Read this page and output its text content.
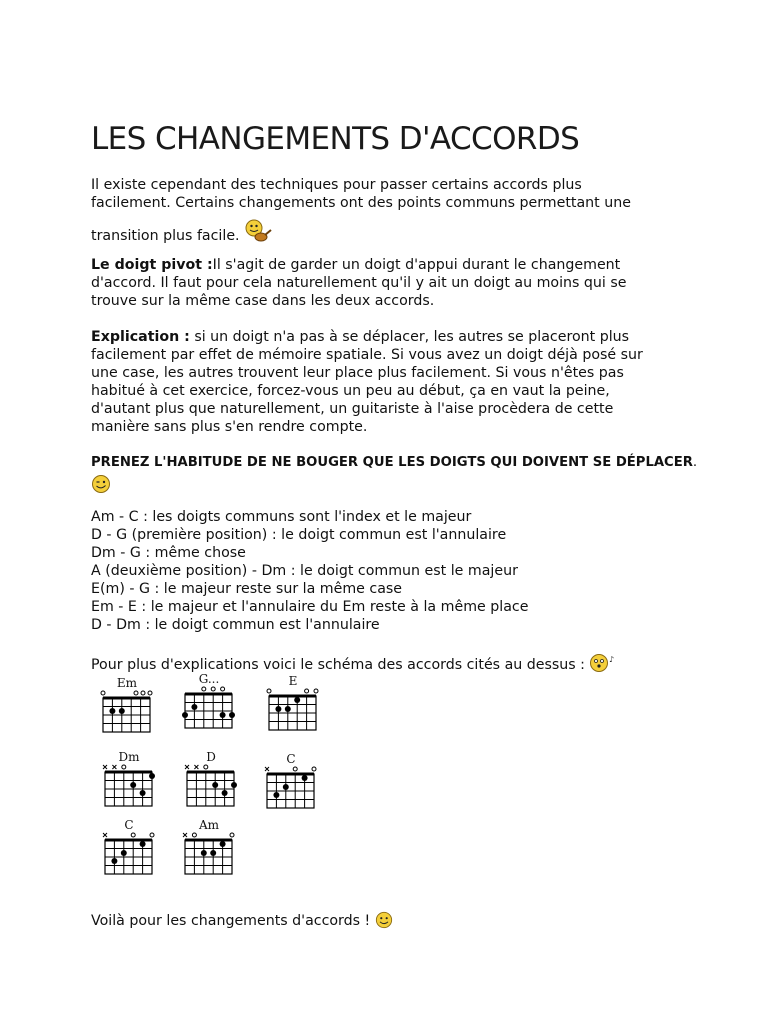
LES CHANGEMENTS D'ACCORDS
Il existe cependant des techniques pour passer certains accords plus
facilement. Certains changements ont des points communs permettant une
transition plus facile.
Le doigt pivot :Il s'agit de garder un doigt d'appui durant le changement
d'accord. Il faut pour cela naturellement qu'il y ait un doigt au moins qui se
trouve sur la même case dans les deux accords.
Explication : si un doigt n'a pas à se déplacer, les autres se placeront plus
facilement par effet de mémoire spatiale. Si vous avez un doigt déjà posé sur
une case, les autres trouvent leur place plus facilement. Si vous n'êtes pas
habitué à cet exercice, forcez-vous un peu au début, ça en vaut la peine,
d'autant plus que naturellement, un guitariste à l'aise procèdera de cette
manière sans plus s'en rendre compte.
PRENEZ L'HABITUDE DE NE BOUGER QUE LES DOIGTS QUI DOIVENT SE DÉPLACER.
Am - C : les doigts communs sont l'index et le majeur
D - G (première position) : le doigt commun est l'annulaire
Dm - G : même chose
A (deuxième position) - Dm : le doigt commun est le majeur
E(m) - G : le majeur reste sur la même case
Em - E : le majeur et l'annulaire du Em reste à la même place
D - Dm : le doigt commun est l'annulaire
Pour plus d'explications voici le schéma des accords cités au dessus :	♪
Em	G...	E
Dm	D	C
C	Am
Voilà pour les changements d'accords !
